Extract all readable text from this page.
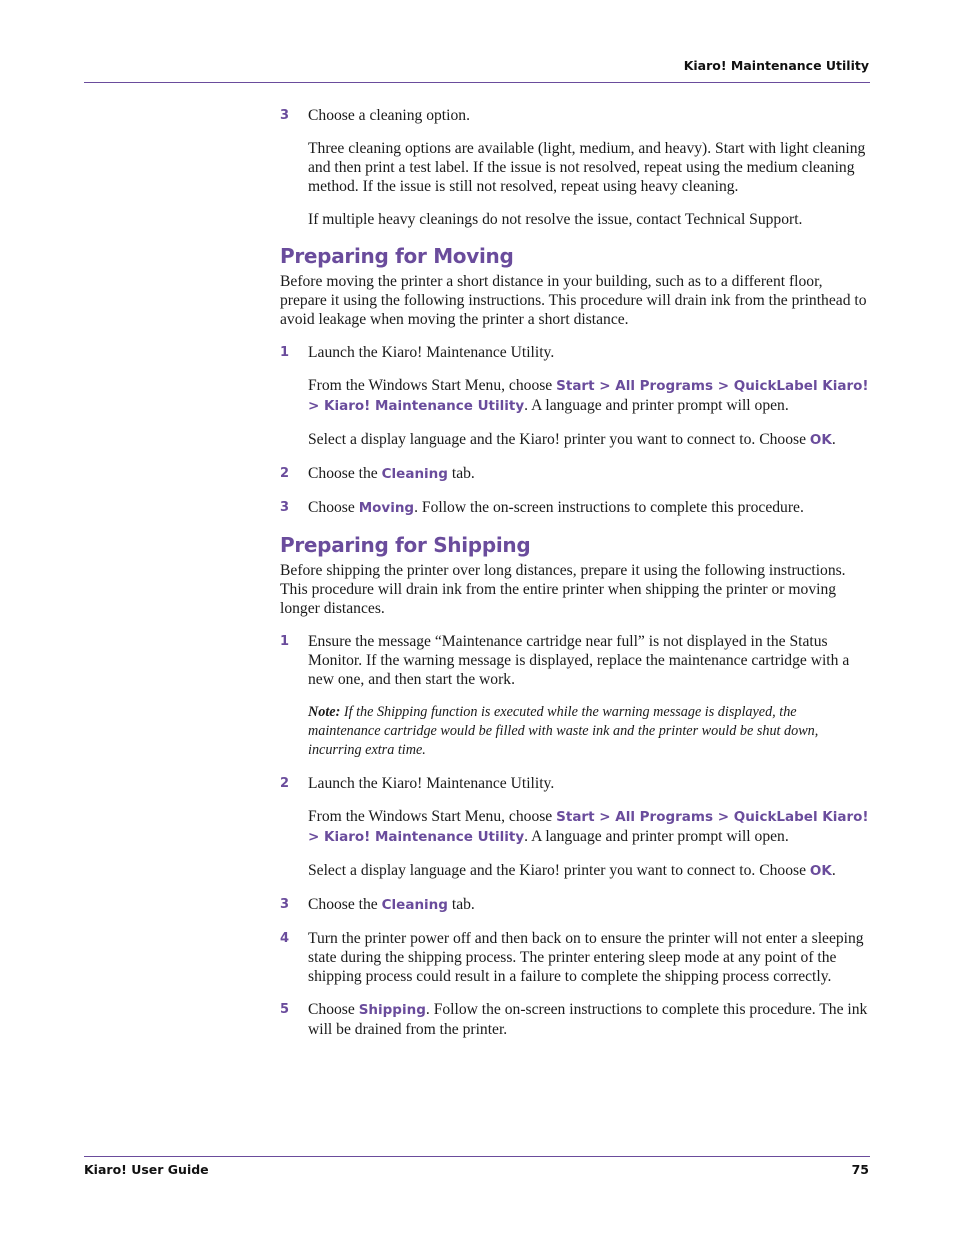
Kiaro! Maintenance Utility

3 Choose a cleaning option.

Three cleaning options are available (light, medium, and heavy). Start with light cleaning and then print a test label. If the issue is not resolved, repeat using the medium cleaning method. If the issue is still not resolved, repeat using heavy cleaning.

If multiple heavy cleanings do not resolve the issue, contact Technical Support.

Preparing for Moving

Before moving the printer a short distance in your building, such as to a different floor, prepare it using the following instructions. This procedure will drain ink from the printhead to avoid leakage when moving the printer a short distance.

1 Launch the Kiaro! Maintenance Utility.

From the Windows Start Menu, choose Start > All Programs > QuickLabel Kiaro! > Kiaro! Maintenance Utility. A language and printer prompt will open.

Select a display language and the Kiaro! printer you want to connect to. Choose OK.

2 Choose the Cleaning tab.

3 Choose Moving. Follow the on-screen instructions to complete this procedure.

Preparing for Shipping

Before shipping the printer over long distances, prepare it using the following instructions. This procedure will drain ink from the entire printer when shipping the printer or moving longer distances.

1 Ensure the message “Maintenance cartridge near full” is not displayed in the Status Monitor. If the warning message is displayed, replace the maintenance cartridge with a new one, and then start the work.

Note: If the Shipping function is executed while the warning message is displayed, the maintenance cartridge would be filled with waste ink and the printer would be shut down, incurring extra time.

2 Launch the Kiaro! Maintenance Utility.

From the Windows Start Menu, choose Start > All Programs > QuickLabel Kiaro! > Kiaro! Maintenance Utility. A language and printer prompt will open.

Select a display language and the Kiaro! printer you want to connect to. Choose OK.

3 Choose the Cleaning tab.

4 Turn the printer power off and then back on to ensure the printer will not enter a sleeping state during the shipping process. The printer entering sleep mode at any point of the shipping process could result in a failure to complete the shipping process correctly.

5 Choose Shipping. Follow the on-screen instructions to complete this procedure. The ink will be drained from the printer.

Kiaro! User Guide	75
